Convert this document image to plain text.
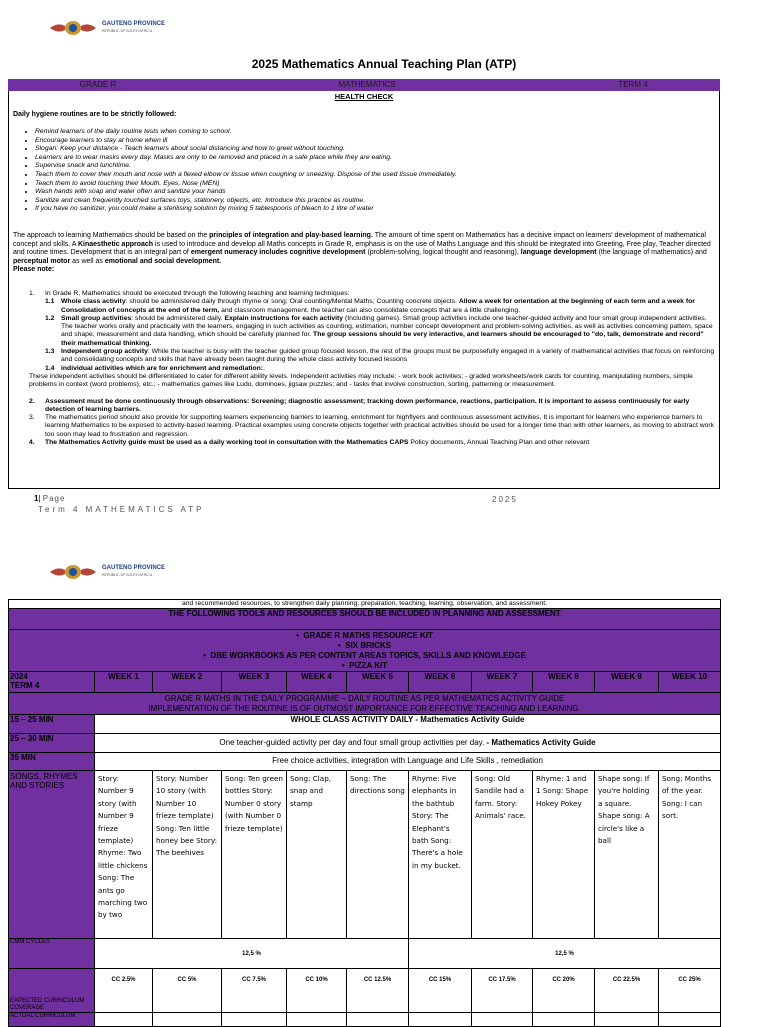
GAUTENG PROVINCE
REPUBLIC OF SOUTH AFRICA
2025 Mathematics Annual Teaching Plan (ATP)
GRADE R	MATHEMATICS	TERM 4
HEALTH CHECK
Daily hygiene routines are to be strictly followed:
• Remind learners of the daily routine tests when coming to school.
• Encourage learners to stay at home when ill
• Slogan: Keep your distance - Teach learners about social distancing and how to greet without touching.
• Learners are to wear masks every day. Masks are only to be removed and placed in a safe place while they are eating.
• Supervise snack and lunchtime.
• Teach them to cover their mouth and nose with a flexed elbow or tissue when coughing or sneezing. Dispose of the used tissue immediately.
• Teach them to avoid touching their Mouth, Eyes, Nose (MEN)
• Wash hands with soap and water often and sanitize your hands
• Sanitize and clean frequently touched surfaces toys, stationery, objects, etc. Introduce this practice as routine.
• If you have no sanitizer, you could make a sterilising solution by mixing 5 tablespoons of bleach to 1 litre of water
The approach to learning Mathematics should be based on the principles of integration and play-based learning. The amount of time spent on Mathematics has a decisive impact on learners' development of mathematical concept and skills. A Kinaesthetic approach is used to introduce and develop all Maths concepts in Grade R, emphasis is on the use of Maths Language and this should be integrated into Greeting, Free play, Teacher directed and routine times. Development that is an integral part of emergent numeracy includes cognitive development (problem-solving, logical thought and reasoning), language development (the language of mathematics) and perceptual motor as well as emotional and social development.
Please note:
1.	In Grade R, Mathematics should be executed through the following teaching and learning techniques:
1.1 Whole class activity: should be administered daily through rhyme or song; Oral counting/Mental Maths; Counting concrete objects. Allow a week for orientation at the beginning of each term and a week for Consolidation of concepts at the end of the term, and classroom management. the teacher can also consolidate concepts that are a little challenging.
1.2 Small group activities: should be administered daily. Explain instructions for each activity (Including games). Small group activities include one teacher-guided activity and four small group independent activities. The teacher works orally and practically with the learners, engaging in such activities as counting, estimation, number concept development and problem-solving activities, as well as activities concerning pattern, space and shape, measurement and data handling, which should be carefully planned for. The group sessions should be very interactive, and learners should be encouraged to "do, talk, demonstrate and record" their mathematical thinking.
1.3 Independent group activity: While the teacher is busy with the teacher guided group focused lesson, the rest of the groups must be purposefully engaged in a variety of mathematical activities that focus on reinforcing and consolidating concepts and skills that have already been taught during the whole class activity focused lessons
1.4 individual activities which are for enrichment and remediation:.
These independent activities should be differentiated to cater for different ability levels. Independent activities may include: - work book activities; - graded worksheets/work cards for counting, manipulating numbers, simple problems in context (word problems), etc.; - mathematics games like Ludo, dominoes, jigsaw puzzles; and - tasks that involve construction, sorting, patterning or measurement.
2.	Assessment must be done continuously through observations: Screening; diagnostic assessment; tracking down performance, reactions, participation. It is important to assess continuously for early detection of learning barriers.
3.	The mathematics period should also provide for supporting learners experiencing barriers to learning, enrichment for highflyers and continuous assessment activities. It is important for learners who experience barriers to learning Mathematics to be exposed to activity-based learning. Practical examples using concrete objects together with practical activities should be used for a longer time than with other learners, as moving to abstract work too soon may lead to frustration and regression.
4.	The Mathematics Activity guide must be used as a daily working tool in consultation with the Mathematics CAPS Policy documents, Annual Teaching Plan and other relevant
1| Page
Term 4 MATHEMATICS ATP
2025
GAUTENG PROVINCE
REPUBLIC OF SOUTH AFRICA
and recommended resources, to strengthen daily planning, preparation, teaching, learning, observation, and assessment.										
THE FOLLOWING TOOLS AND RESOURCES SHOULD BE INCLUDED IN PLANNING AND ASSESSMENT										

•  GRADE R MATHS RESOURCE KIT
•  SIX BRICKS
•  DBE WORKBOOKS AS PER CONTENT AREAS TOPICS, SKILLS AND KNOWLEDGE
•  PIZZA KIT										

2024
TERM 4	WEEK 1	WEEK 2	WEEK 3	WEEK 4	WEEK 5	WEEK 6	WEEK 7	WEEK 8	WEEK 9	WEEK 10

GRADE R MATHS IN THE DAILY PROGRAMME – DAILY ROUTINE AS PER MATHEMATICS ACTIVITY GUIDE
IMPLEMENTATION OF THE ROUTINE IS OF OUTMOST IMPORTANCE FOR EFFECTIVE TEACHING AND LEARNING.										

15 – 25 MIN	WHOLE CLASS ACTIVITY DAILY - Mathematics Activity Guide									
25 – 30 MIN	One teacher-guided activity per day and four small group activities per day. - Mathematics Activity Guide									
35 MIN	Free choice activities, integration with Language and Life Skills , remediation									
SONGS, RHYMES AND STORIES	Story: Number 9 story (with Number 9 frieze template) Rhyme: Two little chickens Song: The ants go marching two by two	Story: Number 10 story (with Number 10 frieze template) Song: Ten little honey bee Story: The beehives	Song: Ten green bottles Story: Number 0 story (with Number 0 frieze template)	Song: Clap, snap and stamp	Song: The directions song	Rhyme: Five elephants in the bathtub Story: The Elephant's bath Song: There's a hole in my bucket.	Song: Old Sandile had a farm. Story: Animals' race.	Rhyme: 1 and 1 Song: Shape Hokey Pokey	Shape song: If you're holding a square. Shape song: A circle's like a ball	Song: Months of the year. Song: I can sort.
CMM CYCLES	12,5 %					12,5 %				
EXPECTED CURRICULUM COVERAGE	CC 2.5%	CC 5%	CC 7.5%	CC 10%	CC 12.5%	CC 15%	CC 17.5%	CC 20%	CC 22.5%	CC 25%
ACTUAL CURRICULUM										
